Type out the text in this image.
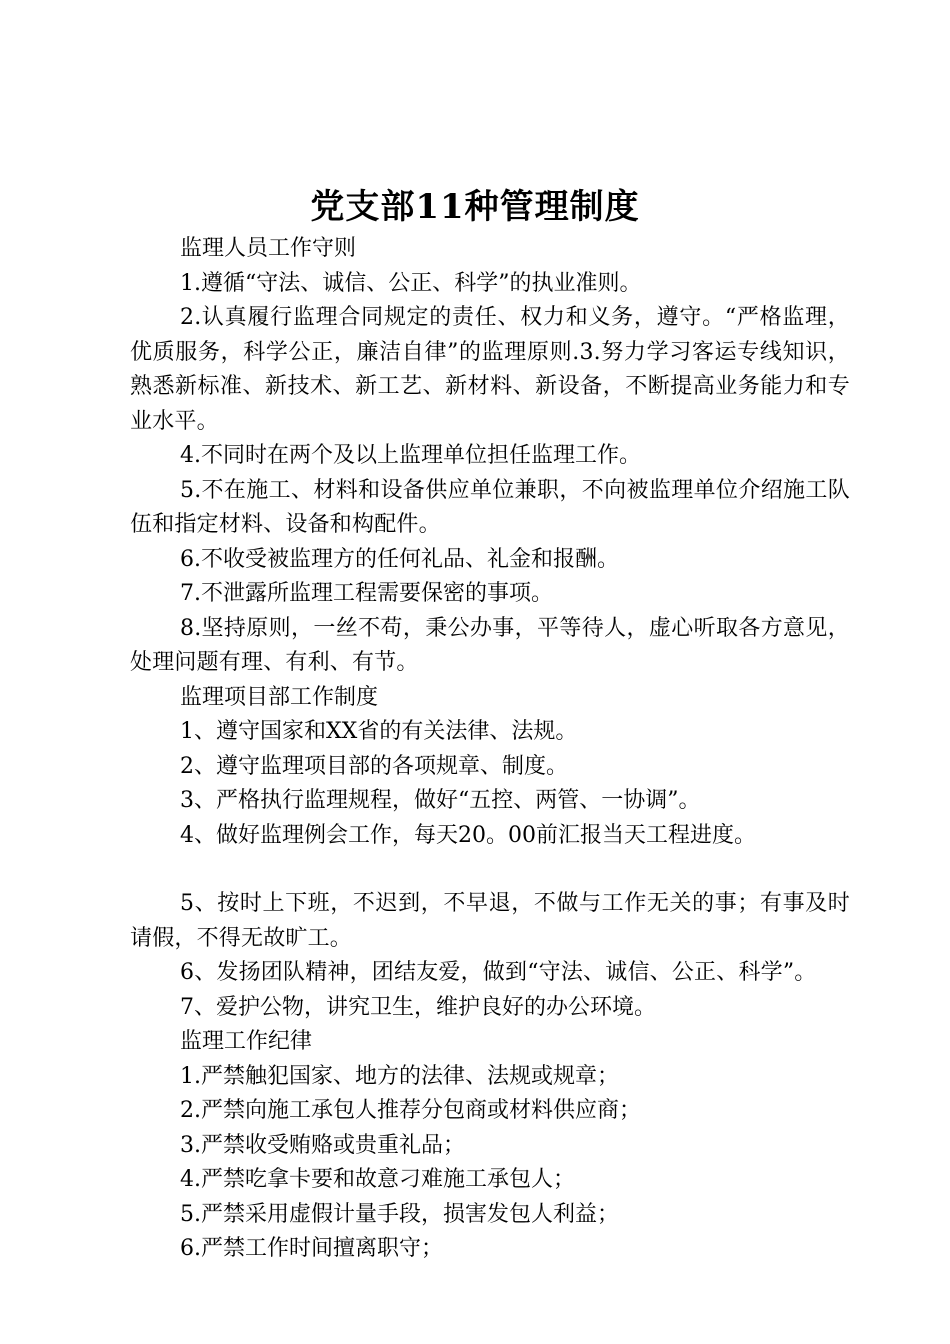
党支部11种管理制度

监理人员工作守则

1.遵循“守法、诚信、公正、科学”的执业准则。

2.认真履行监理合同规定的责任、权力和义务，遵守。“严格监理，优质服务，科学公正，廉洁自律”的监理原则.3.努力学习客运专线知识，熟悉新标准、新技术、新工艺、新材料、新设备，不断提高业务能力和专业水平。

4.不同时在两个及以上监理单位担任监理工作。

5.不在施工、材料和设备供应单位兼职，不向被监理单位介绍施工队伍和指定材料、设备和构配件。

6.不收受被监理方的任何礼品、礼金和报酬。

7.不泄露所监理工程需要保密的事项。

8.坚持原则，一丝不苟，秉公办事，平等待人，虚心听取各方意见，处理问题有理、有利、有节。

监理项目部工作制度

1、遵守国家和XX省的有关法律、法规。

2、遵守监理项目部的各项规章、制度。

3、严格执行监理规程，做好“五控、两管、一协调”。

4、做好监理例会工作，每天20。00前汇报当天工程进度。

5、按时上下班，不迟到，不早退，不做与工作无关的事；有事及时请假，不得无故旷工。

6、发扬团队精神，团结友爱，做到“守法、诚信、公正、科学”。

7、爱护公物，讲究卫生，维护良好的办公环境。

监理工作纪律

1.严禁触犯国家、地方的法律、法规或规章；

2.严禁向施工承包人推荐分包商或材料供应商；

3.严禁收受贿赂或贵重礼品；

4.严禁吃拿卡要和故意刁难施工承包人；

5.严禁采用虚假计量手段，损害发包人利益；

6.严禁工作时间擅离职守；
